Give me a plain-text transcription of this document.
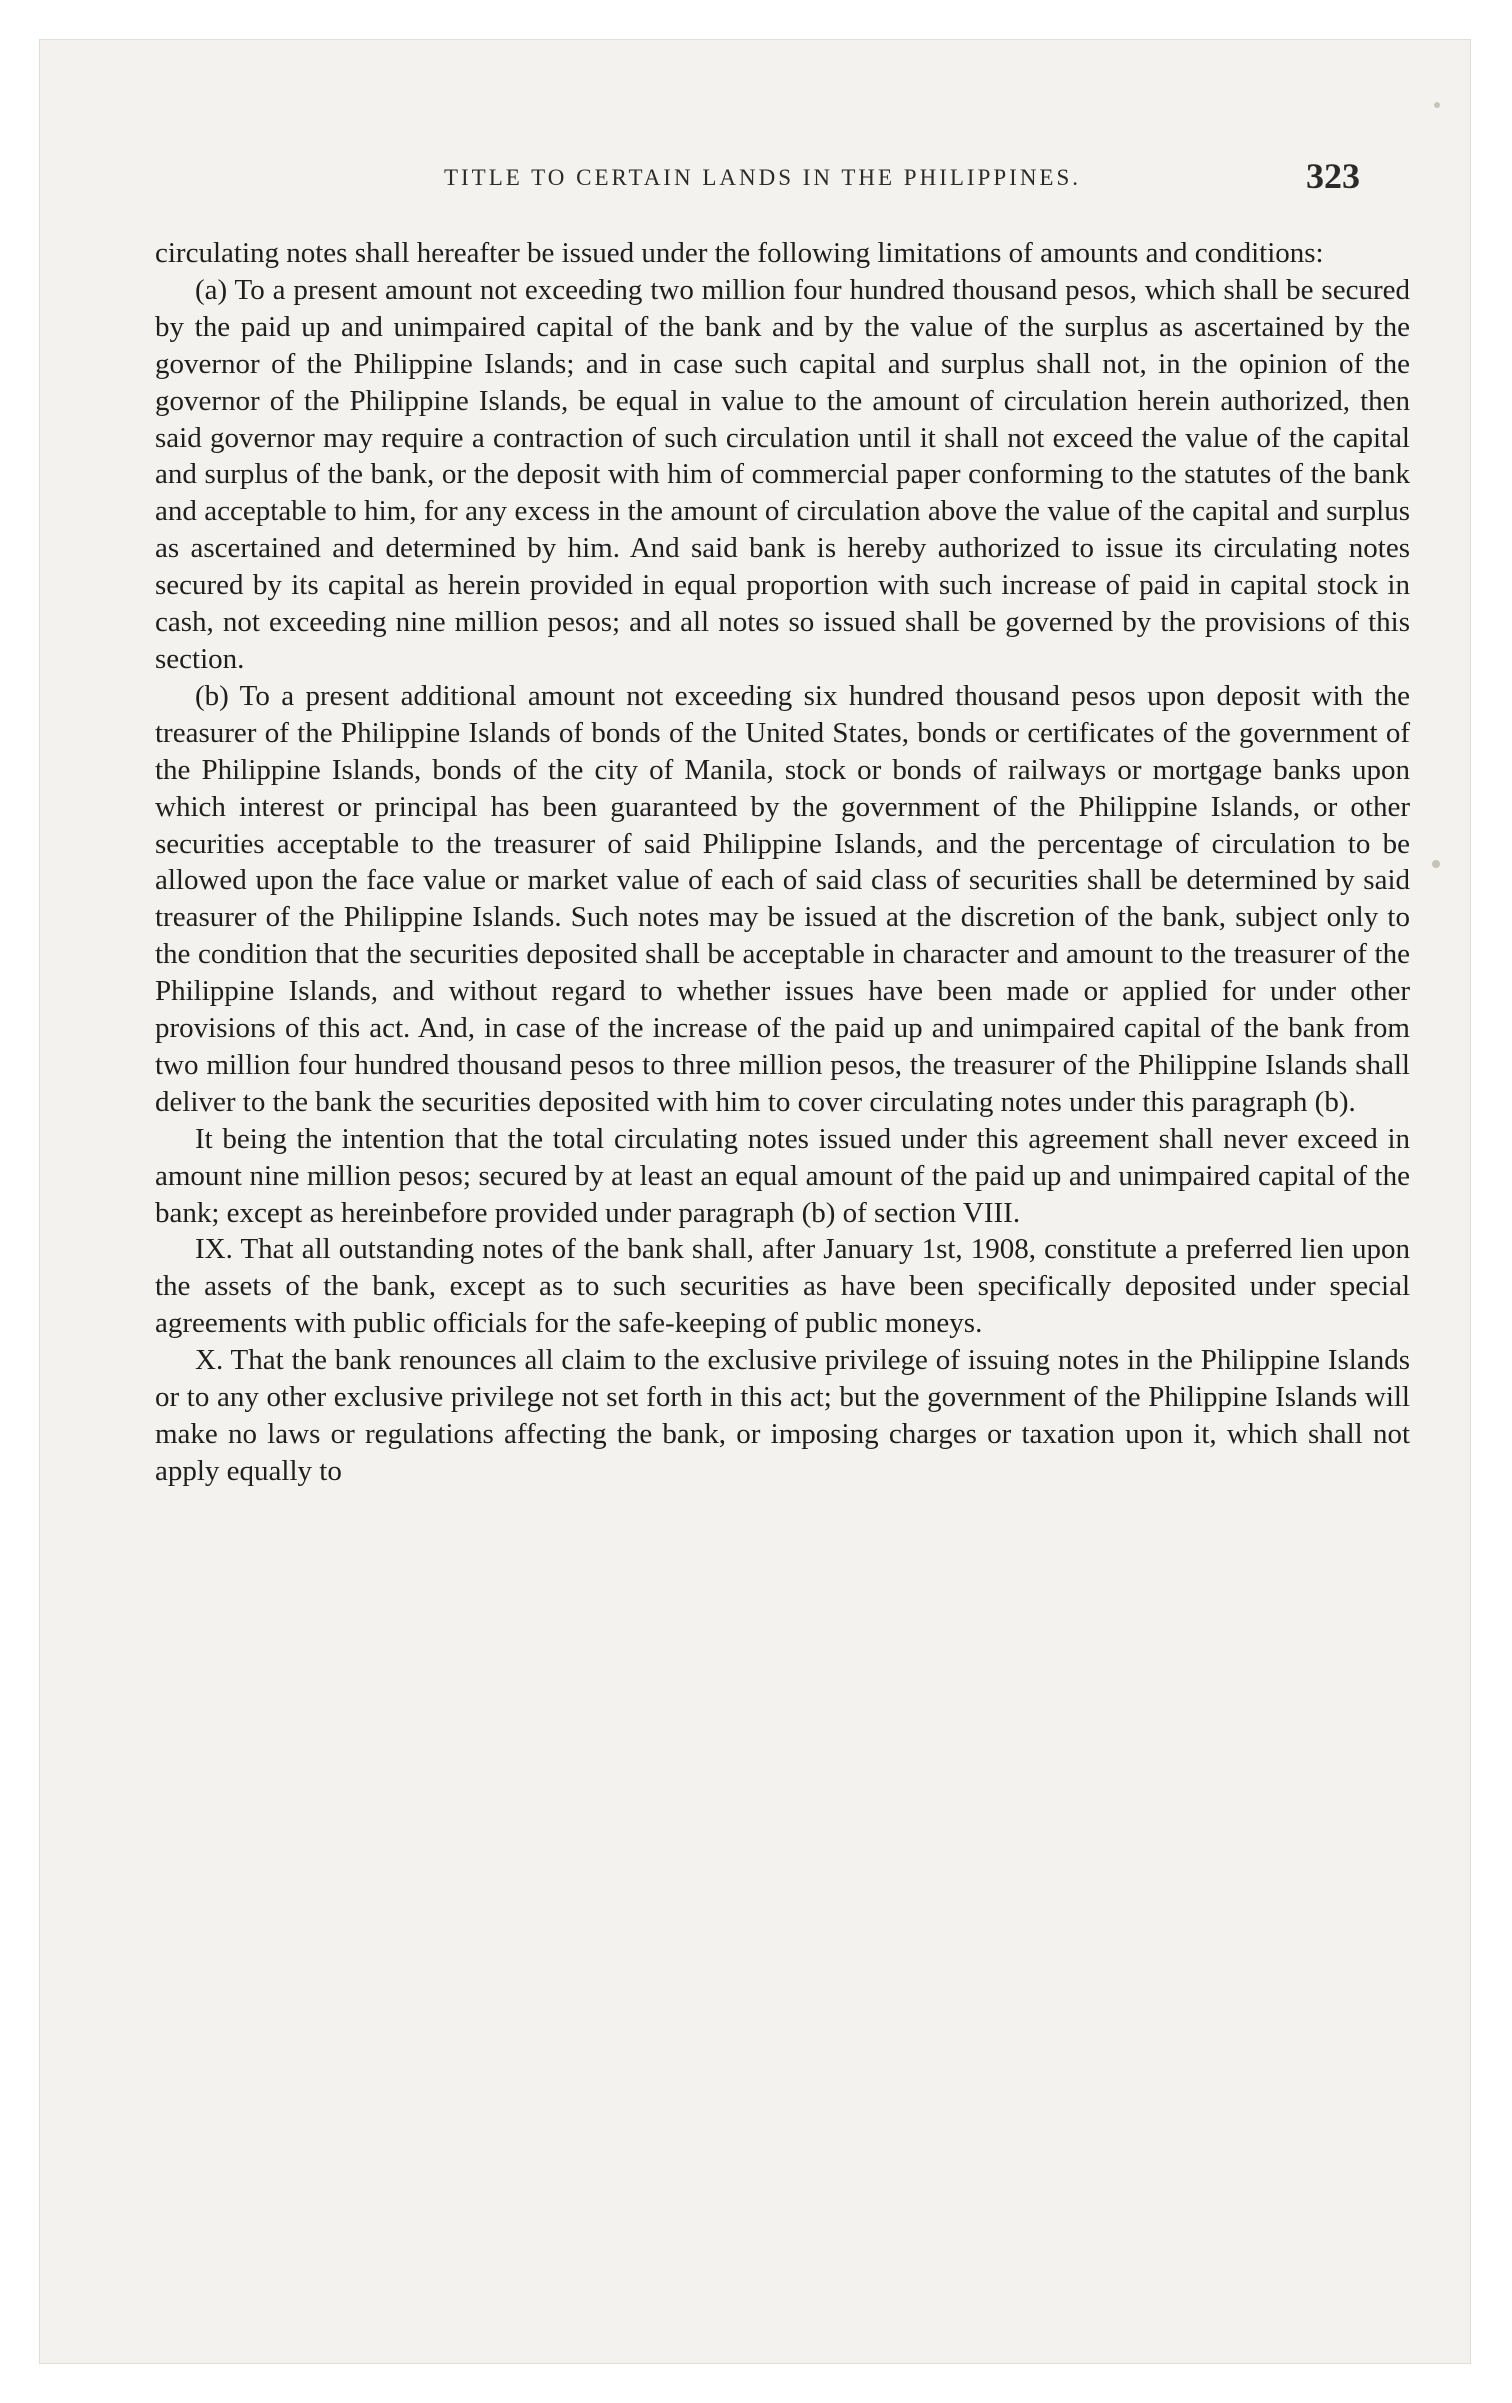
TITLE TO CERTAIN LANDS IN THE PHILIPPINES.	323

circulating notes shall hereafter be issued under the following limitations of amounts and conditions:

(a) To a present amount not exceeding two million four hundred thousand pesos, which shall be secured by the paid up and unimpaired capital of the bank and by the value of the surplus as ascertained by the governor of the Philippine Islands; and in case such capital and surplus shall not, in the opinion of the governor of the Philippine Islands, be equal in value to the amount of circulation herein authorized, then said governor may require a contraction of such circulation until it shall not exceed the value of the capital and surplus of the bank, or the deposit with him of commercial paper conforming to the statutes of the bank and acceptable to him, for any excess in the amount of circulation above the value of the capital and surplus as ascertained and determined by him. And said bank is hereby authorized to issue its circulating notes secured by its capital as herein provided in equal proportion with such increase of paid in capital stock in cash, not exceeding nine million pesos; and all notes so issued shall be governed by the provisions of this section.

(b) To a present additional amount not exceeding six hundred thousand pesos upon deposit with the treasurer of the Philippine Islands of bonds of the United States, bonds or certificates of the government of the Philippine Islands, bonds of the city of Manila, stock or bonds of railways or mortgage banks upon which interest or principal has been guaranteed by the government of the Philippine Islands, or other securities acceptable to the treasurer of said Philippine Islands, and the percentage of circulation to be allowed upon the face value or market value of each of said class of securities shall be determined by said treasurer of the Philippine Islands. Such notes may be issued at the discretion of the bank, subject only to the condition that the securities deposited shall be acceptable in character and amount to the treasurer of the Philippine Islands, and without regard to whether issues have been made or applied for under other provisions of this act. And, in case of the increase of the paid up and unimpaired capital of the bank from two million four hundred thousand pesos to three million pesos, the treasurer of the Philippine Islands shall deliver to the bank the securities deposited with him to cover circulating notes under this paragraph (b).

It being the intention that the total circulating notes issued under this agreement shall never exceed in amount nine million pesos; secured by at least an equal amount of the paid up and unimpaired capital of the bank; except as hereinbefore provided under paragraph (b) of section VIII.

IX. That all outstanding notes of the bank shall, after January 1st, 1908, constitute a preferred lien upon the assets of the bank, except as to such securities as have been specifically deposited under special agreements with public officials for the safe-keeping of public moneys.

X. That the bank renounces all claim to the exclusive privilege of issuing notes in the Philippine Islands or to any other exclusive privilege not set forth in this act; but the government of the Philippine Islands will make no laws or regulations affecting the bank, or imposing charges or taxation upon it, which shall not apply equally to
